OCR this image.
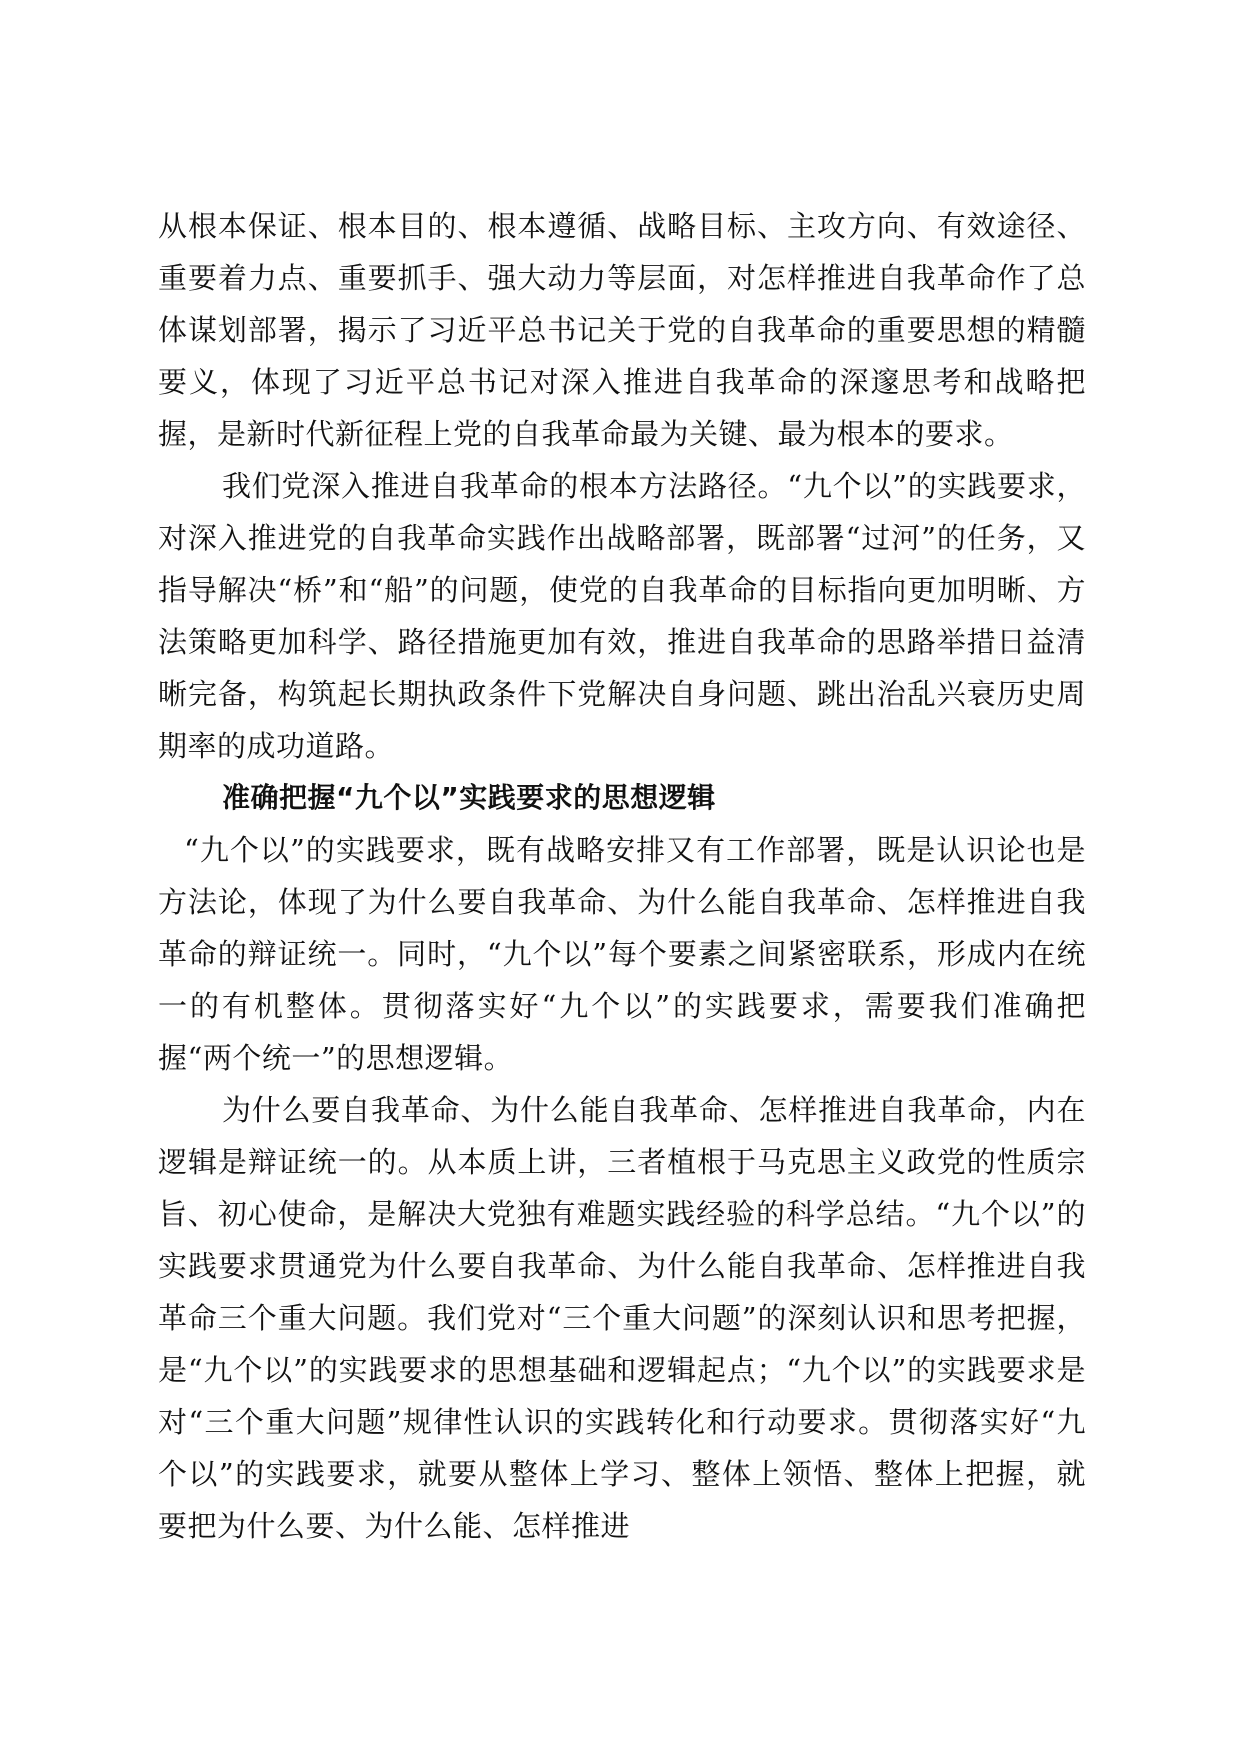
从根本保证、根本目的、根本遵循、战略目标、主攻方向、有效途径、重要着力点、重要抓手、强大动力等层面，对怎样推进自我革命作了总体谋划部署，揭示了习近平总书记关于党的自我革命的重要思想的精髓要义，体现了习近平总书记对深入推进自我革命的深邃思考和战略把握，是新时代新征程上党的自我革命最为关键、最为根本的要求。

我们党深入推进自我革命的根本方法路径。“九个以”的实践要求，对深入推进党的自我革命实践作出战略部署，既部署“过河”的任务，又指导解决“桥”和“船”的问题，使党的自我革命的目标指向更加明晰、方法策略更加科学、路径措施更加有效，推进自我革命的思路举措日益清晰完备，构筑起长期执政条件下党解决自身问题、跳出治乱兴衰历史周期率的成功道路。

准确把握“九个以”实践要求的思想逻辑

“九个以”的实践要求，既有战略安排又有工作部署，既是认识论也是方法论，体现了为什么要自我革命、为什么能自我革命、怎样推进自我革命的辩证统一。同时，“九个以”每个要素之间紧密联系，形成内在统一的有机整体。贯彻落实好“九个以”的实践要求，需要我们准确把握“两个统一”的思想逻辑。

为什么要自我革命、为什么能自我革命、怎样推进自我革命，内在逻辑是辩证统一的。从本质上讲，三者植根于马克思主义政党的性质宗旨、初心使命，是解决大党独有难题实践经验的科学总结。“九个以”的实践要求贯通党为什么要自我革命、为什么能自我革命、怎样推进自我革命三个重大问题。我们党对“三个重大问题”的深刻认识和思考把握，是“九个以”的实践要求的思想基础和逻辑起点；“九个以”的实践要求是对“三个重大问题”规律性认识的实践转化和行动要求。贯彻落实好“九个以”的实践要求，就要从整体上学习、整体上领悟、整体上把握，就要把为什么要、为什么能、怎样推进
